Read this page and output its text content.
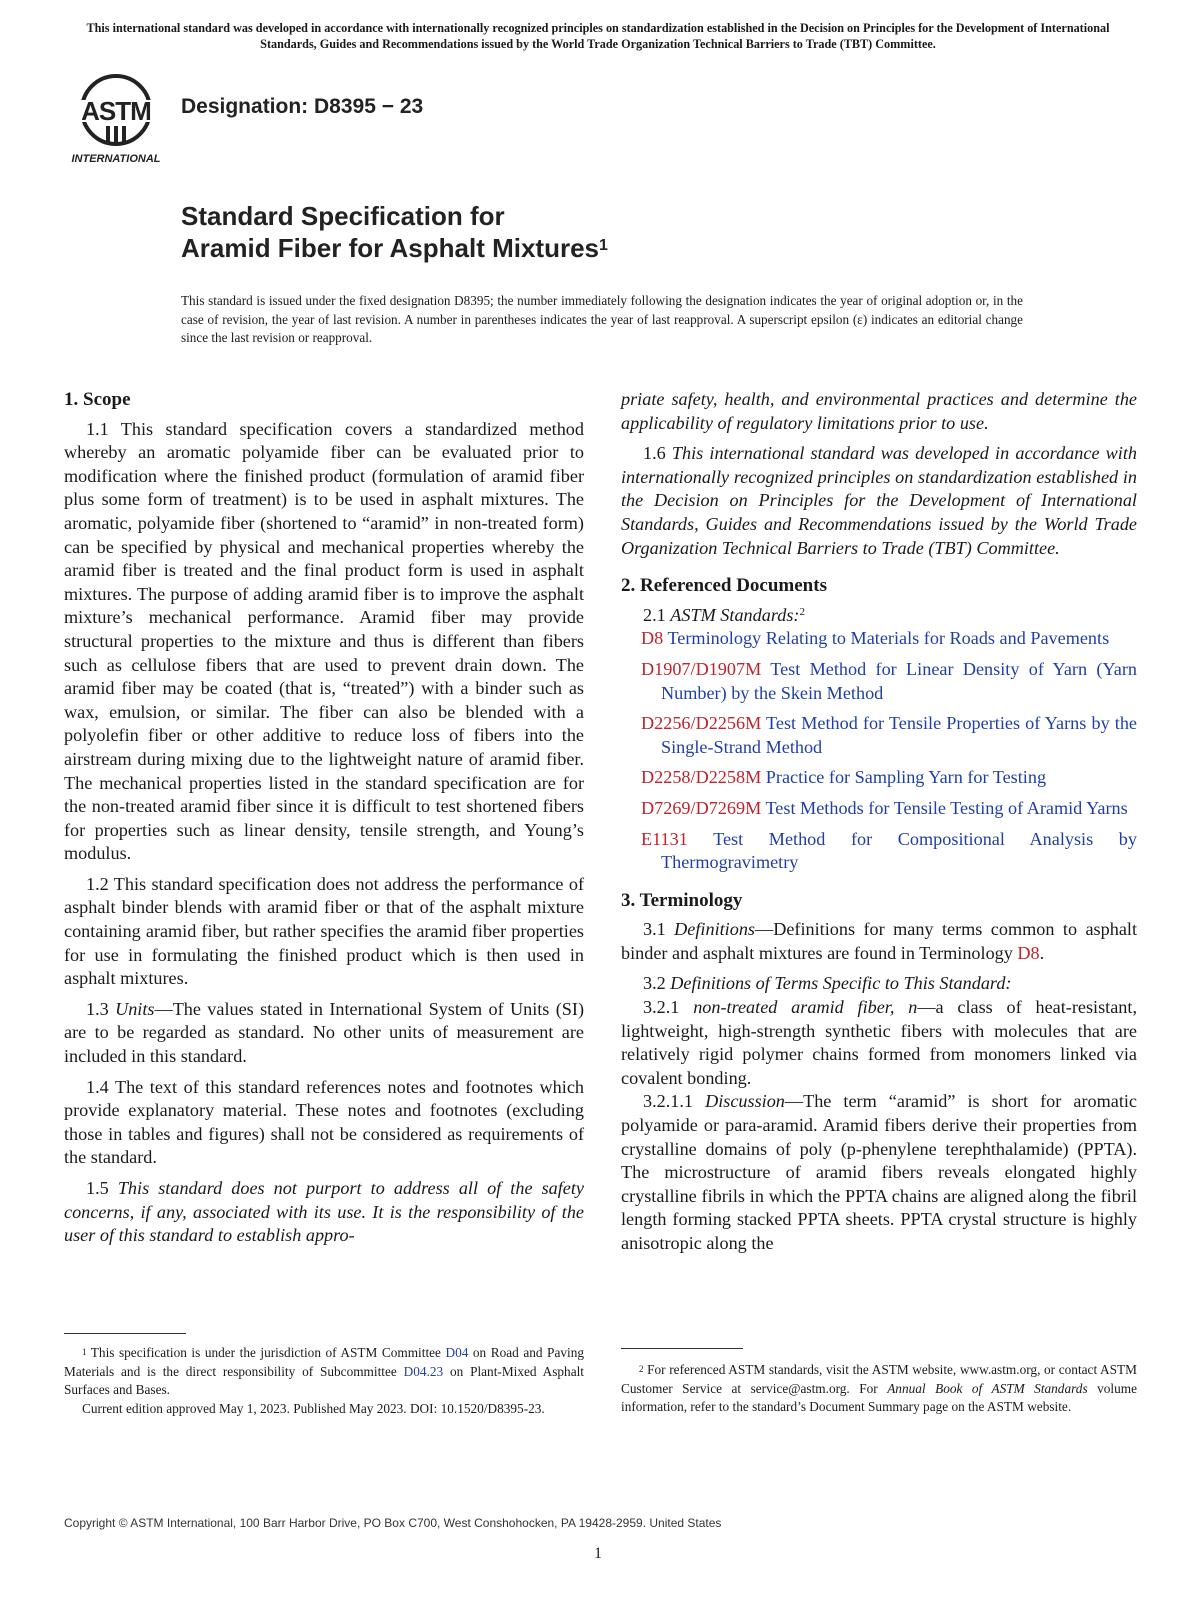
This international standard was developed in accordance with internationally recognized principles on standardization established in the Decision on Principles for the Development of International Standards, Guides and Recommendations issued by the World Trade Organization Technical Barriers to Trade (TBT) Committee.
ASTM
INTERNATIONAL
Designation: D8395 − 23
Standard Specification for
Aramid Fiber for Asphalt Mixtures$^1$
This standard is issued under the fixed designation D8395; the number immediately following the designation indicates the year of original adoption or, in the case of revision, the year of last revision. A number in parentheses indicates the year of last reapproval. A superscript epsilon (ε) indicates an editorial change since the last revision or reapproval.
1. Scope

1.1 This standard specification covers a standardized method whereby an aromatic polyamide fiber can be evaluated prior to modification where the finished product (formulation of aramid fiber plus some form of treatment) is to be used in asphalt mixtures. The aromatic, polyamide fiber (shortened to “aramid” in non-treated form) can be specified by physical and mechanical properties whereby the aramid fiber is treated and the final product form is used in asphalt mixtures. The purpose of adding aramid fiber is to improve the asphalt mixture’s mechanical performance. Aramid fiber may provide structural properties to the mixture and thus is different than fibers such as cellulose fibers that are used to prevent drain down. The aramid fiber may be coated (that is, “treated”) with a binder such as wax, emulsion, or similar. The fiber can also be blended with a polyolefin fiber or other additive to reduce loss of fibers into the airstream during mixing due to the lightweight nature of aramid fiber. The mechanical properties listed in the standard specification are for the non-treated aramid fiber since it is difficult to test shortened fibers for properties such as linear density, tensile strength, and Young’s modulus.

1.2 This standard specification does not address the performance of asphalt binder blends with aramid fiber or that of the asphalt mixture containing aramid fiber, but rather specifies the aramid fiber properties for use in formulating the finished product which is then used in asphalt mixtures.

1.3 Units—The values stated in International System of Units (SI) are to be regarded as standard. No other units of measurement are included in this standard.

1.4 The text of this standard references notes and footnotes which provide explanatory material. These notes and footnotes (excluding those in tables and figures) shall not be considered as requirements of the standard.

1.5 This standard does not purport to address all of the safety concerns, if any, associated with its use. It is the responsibility of the user of this standard to establish appro-

priate safety, health, and environmental practices and determine the applicability of regulatory limitations prior to use.

1.6 This international standard was developed in accordance with internationally recognized principles on standardization established in the Decision on Principles for the Development of International Standards, Guides and Recommendations issued by the World Trade Organization Technical Barriers to Trade (TBT) Committee.

2. Referenced Documents

2.1 ASTM Standards:$^2$

D8 Terminology Relating to Materials for Roads and Pavements

D1907/D1907M Test Method for Linear Density of Yarn (Yarn Number) by the Skein Method

D2256/D2256M Test Method for Tensile Properties of Yarns by the Single-Strand Method

D2258/D2258M Practice for Sampling Yarn for Testing

D7269/D7269M Test Methods for Tensile Testing of Aramid Yarns

E1131 Test Method for Compositional Analysis by Thermogravimetry

3. Terminology

3.1 Definitions—Definitions for many terms common to asphalt binder and asphalt mixtures are found in Terminology D8.

3.2 Definitions of Terms Specific to This Standard:

3.2.1 non-treated aramid fiber, n—a class of heat-resistant, lightweight, high-strength synthetic fibers with molecules that are relatively rigid polymer chains formed from monomers linked via covalent bonding.

3.2.1.1 Discussion—The term “aramid” is short for aromatic polyamide or para-aramid. Aramid fibers derive their properties from crystalline domains of poly (p-phenylene terephthalamide) (PPTA). The microstructure of aramid fibers reveals elongated highly crystalline fibrils in which the PPTA chains are aligned along the fibril length forming stacked PPTA sheets. PPTA crystal structure is highly anisotropic along the

$^1$ This specification is under the jurisdiction of ASTM Committee D04 on Road and Paving Materials and is the direct responsibility of Subcommittee D04.23 on Plant-Mixed Asphalt Surfaces and Bases.

Current edition approved May 1, 2023. Published May 2023. DOI: 10.1520/D8395-23.

$^2$ For referenced ASTM standards, visit the ASTM website, www.astm.org, or contact ASTM Customer Service at service@astm.org. For Annual Book of ASTM Standards volume information, refer to the standard’s Document Summary page on the ASTM website.

Copyright © ASTM International, 100 Barr Harbor Drive, PO Box C700, West Conshohocken, PA 19428-2959. United States
1
